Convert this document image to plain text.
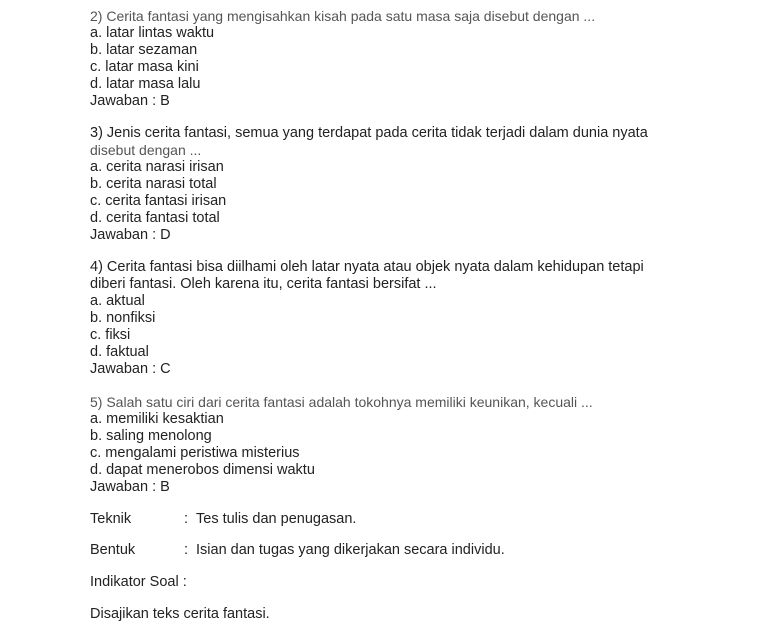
2) Cerita fantasi yang mengisahkan kisah pada satu masa saja disebut dengan ...

a. latar lintas waktu

b. latar sezaman

c. latar masa kini

d. latar masa lalu

Jawaban : B

3) Jenis cerita fantasi, semua yang terdapat pada cerita tidak terjadi dalam dunia nyata

disebut dengan ...

a. cerita narasi irisan

b. cerita narasi total

c. cerita fantasi irisan

d. cerita fantasi total

Jawaban : D

4) Cerita fantasi bisa diilhami oleh latar nyata atau objek nyata dalam kehidupan tetapi

diberi fantasi. Oleh karena itu, cerita fantasi bersifat ...

a. aktual

b. nonfiksi

c. fiksi

d. faktual

Jawaban : C

5) Salah satu ciri dari cerita fantasi adalah tokohnya memiliki keunikan, kecuali ...

a. memiliki kesaktian

b. saling menolong

c. mengalami peristiwa misterius

d. dapat menerobos dimensi waktu

Jawaban : B

Teknik	: Tes tulis dan penugasan.
Bentuk	: Isian dan tugas yang dikerjakan secara individu.
Indikator Soal :
Disajikan teks cerita fantasi.
